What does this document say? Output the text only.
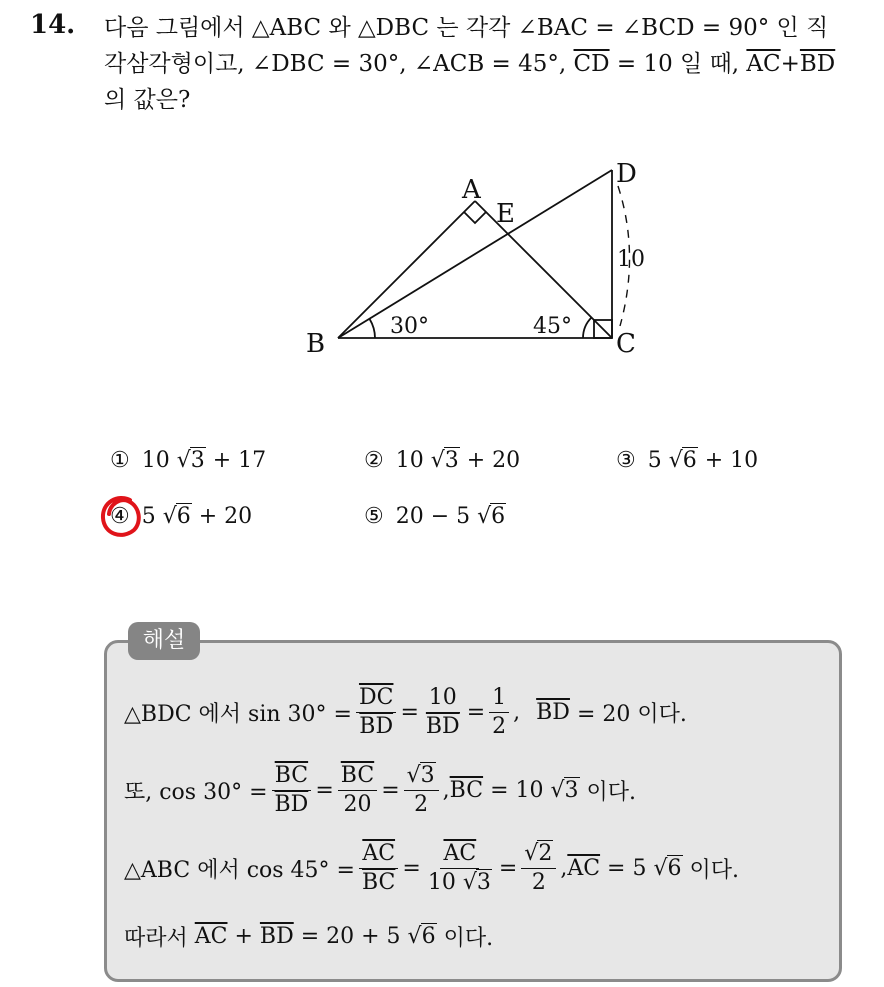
14. 다음 그림에서 △ABC 와 △DBC 는 각각 ∠BAC = ∠BCD = 90° 인 직
각삼각형이고, ∠DBC = 30°, ∠ACB = 45°, $\overline{CD} = 10$ 일 때, $\overline{AC}+\overline{BD}$
의 값은?
A
E
B	C
D
30°	45°
10
① 10 √3 + 17	② 10 √3 + 20	③ 5 √6 + 10
④ 5 √6 + 20	⑤ 20 − 5 √6
해설
△BDC 에서 $\sin 30^\circ = \frac{\overline{DC}}{BD} = \frac{10}{BD} = \frac{1}{2}$ , $\overline{BD} = 20$ 이다.
또, $\cos 30^\circ = \frac{\overline{BC}}{BD} = \frac{\overline{BC}}{20} = \frac{√3}{2}$ , $\overline{BC} = 10$ √ 3 이다.
△ABC 에서 $\cos 45^\circ = \frac{\overline{AC}}{BC} = \frac{\overline{AC}}{10 √3} = \frac{√2}{2}$ , $\overline{AC} = 5$ √ 6 이다.
따라서 $\overline{AC} + \overline{BD} = 20 + 5$ √ 6 이다.
